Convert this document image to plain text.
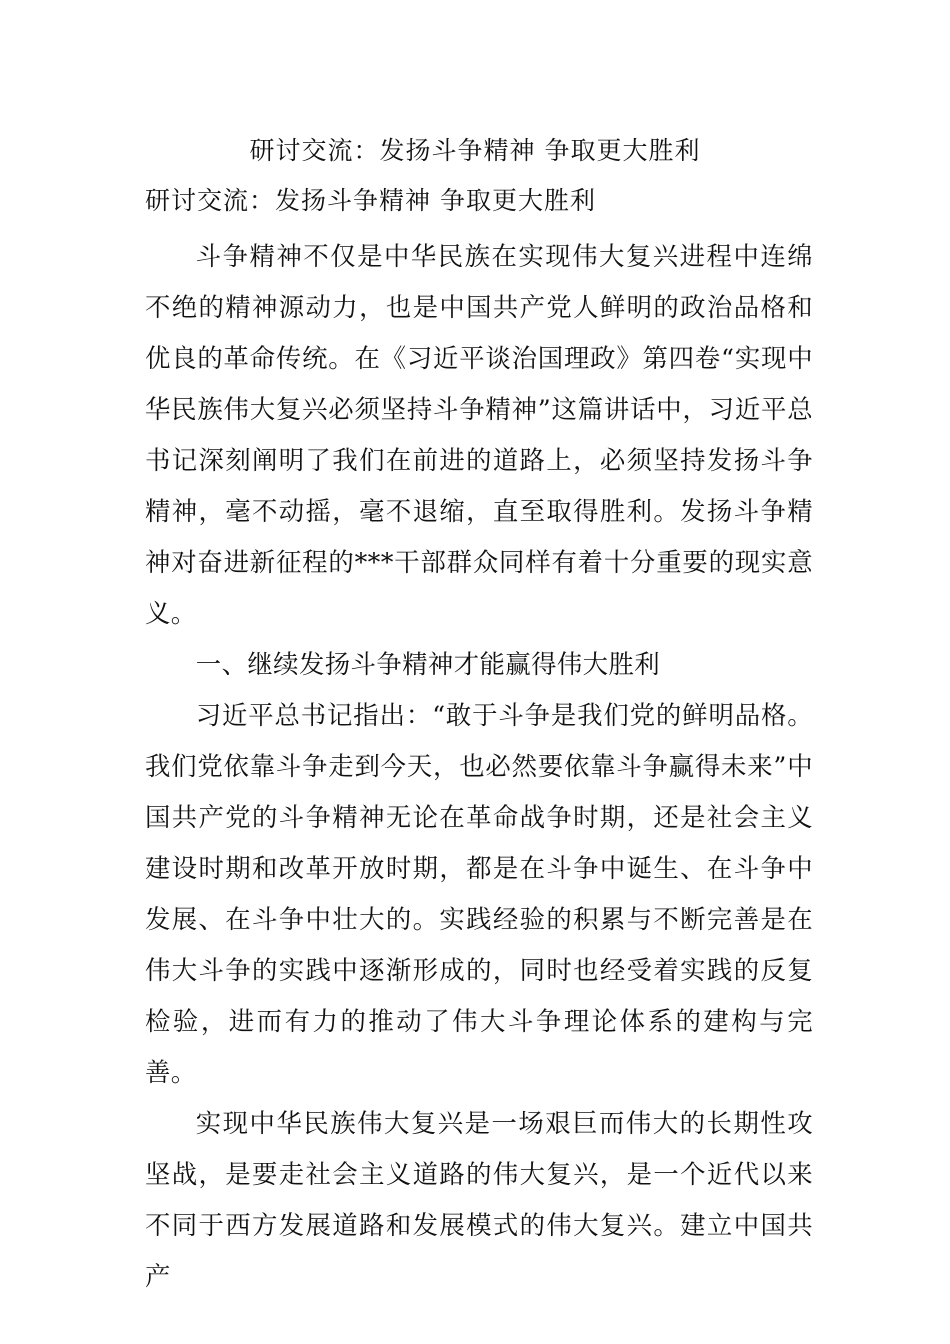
研讨交流：发扬斗争精神 争取更大胜利
研讨交流：发扬斗争精神 争取更大胜利

斗争精神不仅是中华民族在实现伟大复兴进程中连绵不绝的精神源动力，也是中国共产党人鲜明的政治品格和优良的革命传统。在《习近平谈治国理政》第四卷“实现中华民族伟大复兴必须坚持斗争精神”这篇讲话中，习近平总书记深刻阐明了我们在前进的道路上，必须坚持发扬斗争精神，毫不动摇，毫不退缩，直至取得胜利。发扬斗争精神对奋进新征程的***干部群众同样有着十分重要的现实意义。

一、继续发扬斗争精神才能赢得伟大胜利

习近平总书记指出：“敢于斗争是我们党的鲜明品格。我们党依靠斗争走到今天，也必然要依靠斗争赢得未来”中国共产党的斗争精神无论在革命战争时期，还是社会主义建设时期和改革开放时期，都是在斗争中诞生、在斗争中发展、在斗争中壮大的。实践经验的积累与不断完善是在伟大斗争的实践中逐渐形成的，同时也经受着实践的反复检验，进而有力的推动了伟大斗争理论体系的建构与完善。

实现中华民族伟大复兴是一场艰巨而伟大的长期性攻坚战，是要走社会主义道路的伟大复兴，是一个近代以来不同于西方发展道路和发展模式的伟大复兴。建立中国共产
